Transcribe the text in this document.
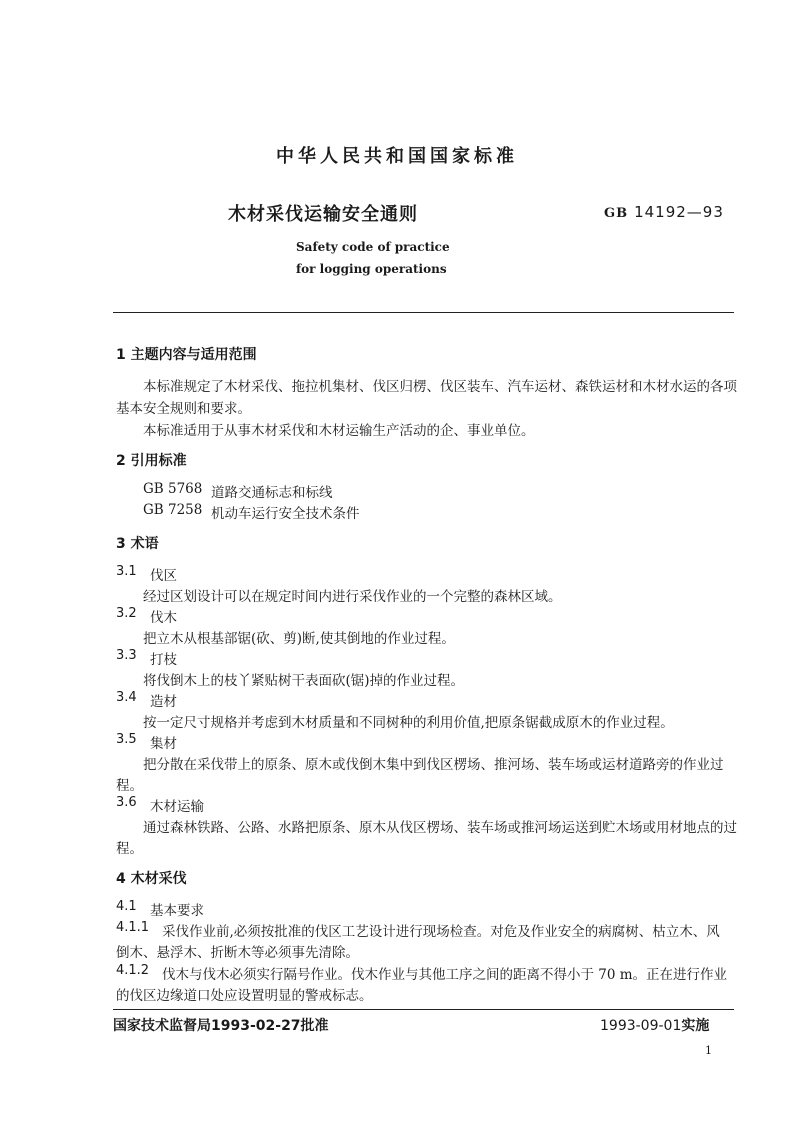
中华人民共和国国家标准
木材采伐运输安全通则	GB 14192—93
Safety code of practice
for logging operations
1 主题内容与适用范围
本标准规定了木材采伐、拖拉机集材、伐区归楞、伐区装车、汽车运材、森铁运材和木材水运的各项
基本安全规则和要求。
本标准适用于从事木材采伐和木材运输生产活动的企、事业单位。
2 引用标准
GB 5768 道路交通标志和标线
GB 7258 机动车运行安全技术条件
3 术语
3.1 伐区
经过区划设计可以在规定时间内进行采伐作业的一个完整的森林区域。
3.2 伐木
把立木从根基部锯(砍、剪)断,使其倒地的作业过程。
3.3 打枝
将伐倒木上的枝丫紧贴树干表面砍(锯)掉的作业过程。
3.4 造材
按一定尺寸规格并考虑到木材质量和不同树种的利用价值,把原条锯截成原木的作业过程。
3.5 集材
把分散在采伐带上的原条、原木或伐倒木集中到伐区楞场、推河场、装车场或运材道路旁的作业过
程。
3.6 木材运输
通过森林铁路、公路、水路把原条、原木从伐区楞场、装车场或推河场运送到贮木场或用材地点的过
程。
4 木材采伐
4.1 基本要求
4.1.1 采伐作业前,必须按批准的伐区工艺设计进行现场检查。对危及作业安全的病腐树、枯立木、风
倒木、悬浮木、折断木等必须事先清除。
4.1.2 伐木与伐木必须实行隔号作业。伐木作业与其他工序之间的距离不得小于 70 m。正在进行作业
的伐区边缘道口处应设置明显的警戒标志。
国家技术监督局1993-02-27批准	1993-09-01实施
1
